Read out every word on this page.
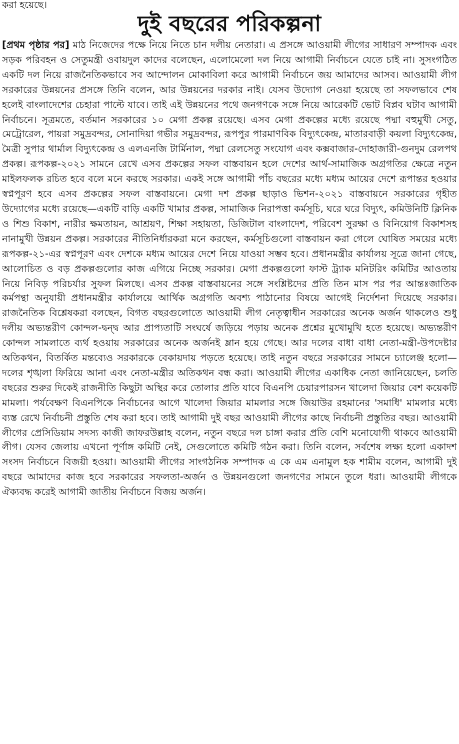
করা হয়েছে।
দুই বছরের পরিকল্পনা

[প্রথম পৃষ্ঠার পর] মাঠ নিজেদের পক্ষে নিয়ে নিতে চান দলীয় নেতারা। এ প্রসঙ্গে আওয়ামী লীগের সাধারণ সম্পাদক এবং সড়ক পরিবহন ও সেতুমন্ত্রী ওবায়দুল কাদের বলেছেন, এলোমেলো দল নিয়ে আগামী নির্বাচনে যেতে চাই না। সুসংগঠিত একটি দল নিয়ে রাজনৈতিকভাবে সব আন্দোলন মোকাবিলা করে আগামী নির্বাচনে জয় আমাদের আসব। আওয়ামী লীগ সরকারের উন্নয়নের প্রসঙ্গে তিনি বলেন, আর উন্নয়নের দরকার নাই। যেসব উদ্যোগ নেওয়া হয়েছে তা সফলভাবে শেষ হলেই বাংলাদেশের চেহারা পাল্টে যাবে। তাই এই উন্নয়নের পথে জনগণকে সঙ্গে নিয়ে আরেকটি ভোট বিপ্লব ঘটাব আগামী নির্বাচনে। সূত্রমতে, বর্তমান সরকারের ১০ মেগা প্রকল্প রয়েছে। এসব মেগা প্রকল্পের মধ্যে রয়েছে পদ্মা বহুমুখী সেতু, মেট্রোরেল, পায়রা সমুদ্রবন্দর, সোনাদিয়া গভীর সমুদ্রবন্দর, রূপপুর পারমাণবিক বিদ্যুৎকেন্দ্র, মাতারবাড়ী কয়লা বিদ্যুৎকেন্দ্র, মৈত্রী সুপার থার্মাল বিদ্যুৎকেন্দ্র ও এলএনজি টার্মিনাল, পদ্মা রেলসেতু সংযোগ এবং কক্সবাজার-দোহাজারী-গুনদুম রেলপথ প্রকল্প। রূপকল্প-২০২১ সামনে রেখে এসব প্রকল্পের সফল বাস্তবায়ন হলে দেশের আর্থ-সামাজিক অগ্রগতির ক্ষেত্রে নতুন মাইলফলক রচিত হবে বলে মনে করছে সরকার। একই সঙ্গে আগামী পাঁচ বছরের মধ্যে মধ্যম আয়ের দেশে রূপান্তর হওয়ার স্বপ্নপূরণ হবে এসব প্রকল্পের সফল বাস্তবায়নে। মেগা দশ প্রকল্প ছাড়াও ভিশন-২০২১ বাস্তবায়নে সরকারের গৃহীত উদ্যোগের মধ্যে রয়েছে—একটি বাড়ি একটি খামার প্রকল্প, সামাজিক নিরাপত্তা কর্মসূচি, ঘরে ঘরে বিদ্যুৎ, কমিউনিটি ক্লিনিক ও শিশু বিকাশ, নারীর ক্ষমতায়ন, আশ্রয়ণ, শিক্ষা সহায়তা, ডিজিটাল বাংলাদেশ, পরিবেশ সুরক্ষা ও বিনিয়োগ বিকাশসহ নানামুখী উন্নয়ন প্রকল্প। সরকারের নীতিনির্ধারকরা মনে করছেন, কর্মসূচিগুলো বাস্তবায়ন করা গেলে ঘোষিত সময়ের মধ্যে রূপকল্প-২১-এর স্বপ্নপূরণ এবং দেশকে মধ্যম আয়ের দেশে নিয়ে যাওয়া সম্ভব হবে। প্রধানমন্ত্রীর কার্যালয় সূত্রে জানা গেছে, আলোচিত ও বড় প্রকল্পগুলোর কাজ এগিয়ে নিচ্ছে সরকার। মেগা প্রকল্পগুলো ফাস্ট ট্র্যাক মনিটরিং কমিটির আওতায় নিয়ে নিবিড় পরিচর্যার সুফল মিলছে। এসব প্রকল্প বাস্তবায়নের সঙ্গে সংশ্লিষ্টদের প্রতি তিন মাস পর পর আন্তঃজাতিক কর্মপন্থা অনুযায়ী প্রধানমন্ত্রীর কার্যালয়ে আর্থিক অগ্রগতি অবশ্য পাঠানোর বিষয়ে আগেই নির্দেশনা দিয়েছে সরকার। রাজনৈতিক বিশ্লেষকরা বলছেন, বিগত বছরগুলোতে আওয়ামী লীগ নেতৃত্বাধীন সরকারের অনেক অর্জন থাকলেও শুধু দলীয় অভ্যন্তরীণ কোন্দল-দ্বন্দ্ব আর প্রাপ্যতাটি সংঘর্ষে জড়িয়ে পড়ায় অনেক প্রশ্নের মুখোমুখি হতে হয়েছে। অভ্যন্তরীণ কোন্দল সামলাতে ব্যর্থ হওয়ায় সরকারের অনেক অর্জনই ম্লান হয়ে গেছে। আর দলের বাধা বাধা নেতা-মন্ত্রী-উপদেষ্টার অতিকথন, বিতর্কিত মন্তব্যেও সরকারকে বেকায়দায় পড়তে হয়েছে। তাই নতুন বছরে সরকারের সামনে চ্যালেঞ্জ হলো— দলের শৃঙ্খলা ফিরিয়ে আনা এবং নেতা-মন্ত্রীর অতিকথন বন্ধ করা। আওয়ামী লীগের একাধিক নেতা জানিয়েছেন, চলতি বছরের শুরুর দিকেই রাজনীতি কিছুটা অস্থির করে তোলার প্রতি যাবে বিএনপি চেয়ারপারসন খালেদা জিয়ার বেশ কয়েকটি মামলা। পর্যবেক্ষণ বিএনপিকে নির্বাচনের আগে খালেদা জিয়ার মামলার সঙ্গে জিয়াউর রহমানের 'সমাধি' মামলার মধ্যে ব্যস্ত রেখে নির্বাচনী প্রস্তুতি শেষ করা হবে। তাই আগামী দুই বছর আওয়ামী লীগের কাছে নির্বাচনী প্রস্তুতির বছর। আওয়ামী লীগের প্রেসিডিয়াম সদস্য কাজী জাফরউল্লাহ বলেন, নতুন বছরে দল চাঙ্গা করার প্রতি বেশি মনোযোগী থাকবে আওয়ামী লীগ। যেসব জেলায় এখনো পূর্ণাঙ্গ কমিটি নেই, সেগুলোতে কমিটি গঠন করা। তিনি বলেন, সর্বশেষ লক্ষ্য হলো একাদশ সংসদ নির্বাচনে বিজয়ী হওয়া। আওয়ামী লীগের সাংগঠনিক সম্পাদক এ কে এম এনামুল হক শামীম বলেন, আগামী দুই বছরে আমাদের কাজ হবে সরকারের সফলতা-অর্জন ও উন্নয়নগুলো জনগণের সামনে তুলে ধরা। আওয়ামী লীগকে ঐক্যবদ্ধ করেই আগামী জাতীয় নির্বাচনে বিজয় অর্জন।
